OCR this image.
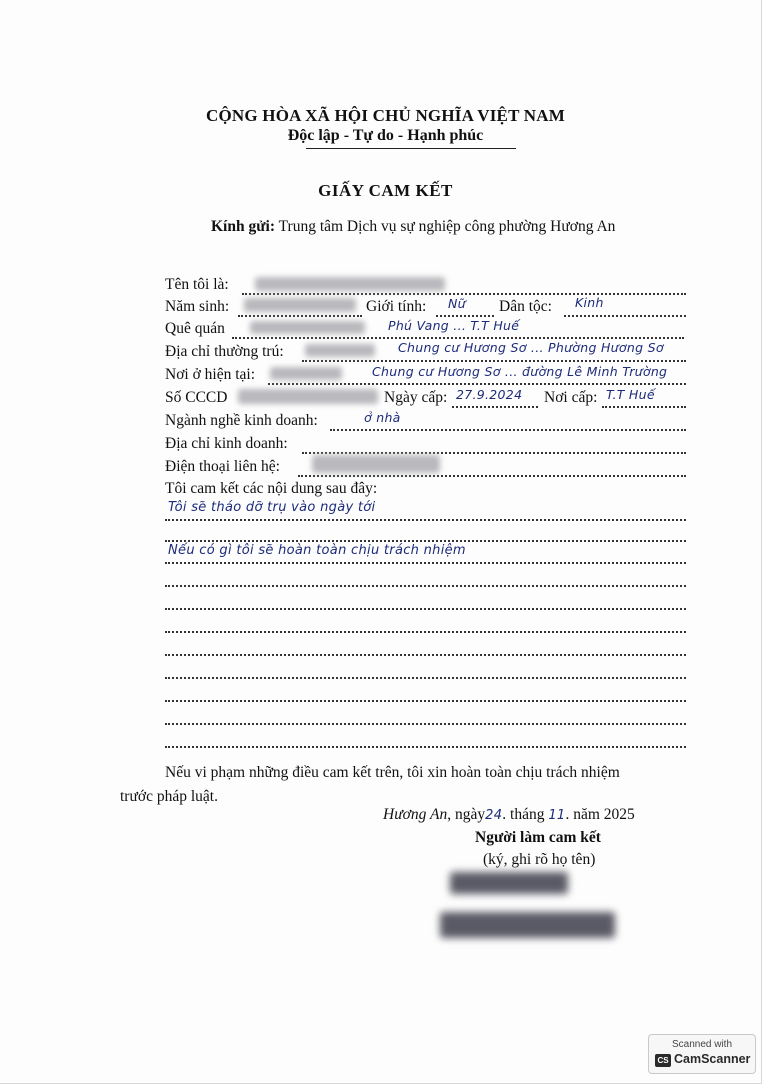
CỘNG HÒA XÃ HỘI CHỦ NGHĨA VIỆT NAM
Độc lập - Tự do - Hạnh phúc
GIẤY CAM KẾT
Kính gửi: Trung tâm Dịch vụ sự nghiệp công phường Hương An
Tên tôi là:
Năm sinh:	Giới tính: Nữ Dân tộc: Kinh
Quê quán	Phú Vang ... T.T Huế
Địa chỉ thường trú:	Chung cư Hương Sơ ... Phường Hương Sơ
Nơi ở hiện tại:	Chung cư Hương Sơ ... đường Lê Minh Trường
Số CCCD	Ngày cấp: 27.9.2024 Nơi cấp: T.T Huế
Ngành nghề kinh doanh:	ở nhà
Địa chỉ kinh doanh:
Điện thoại liên hệ:
Tôi cam kết các nội dung sau đây:
Tôi sẽ tháo dỡ trụ vào ngày tới
Nếu có gì tôi sẽ hoàn toàn chịu trách nhiệm
Nếu vi phạm những điều cam kết trên, tôi xin hoàn toàn chịu trách nhiệm
trước pháp luật.
Hương An, ngày24. tháng 11. năm 2025
Người làm cam kết
(ký, ghi rõ họ tên)
Scanned with
CS CamScanner
